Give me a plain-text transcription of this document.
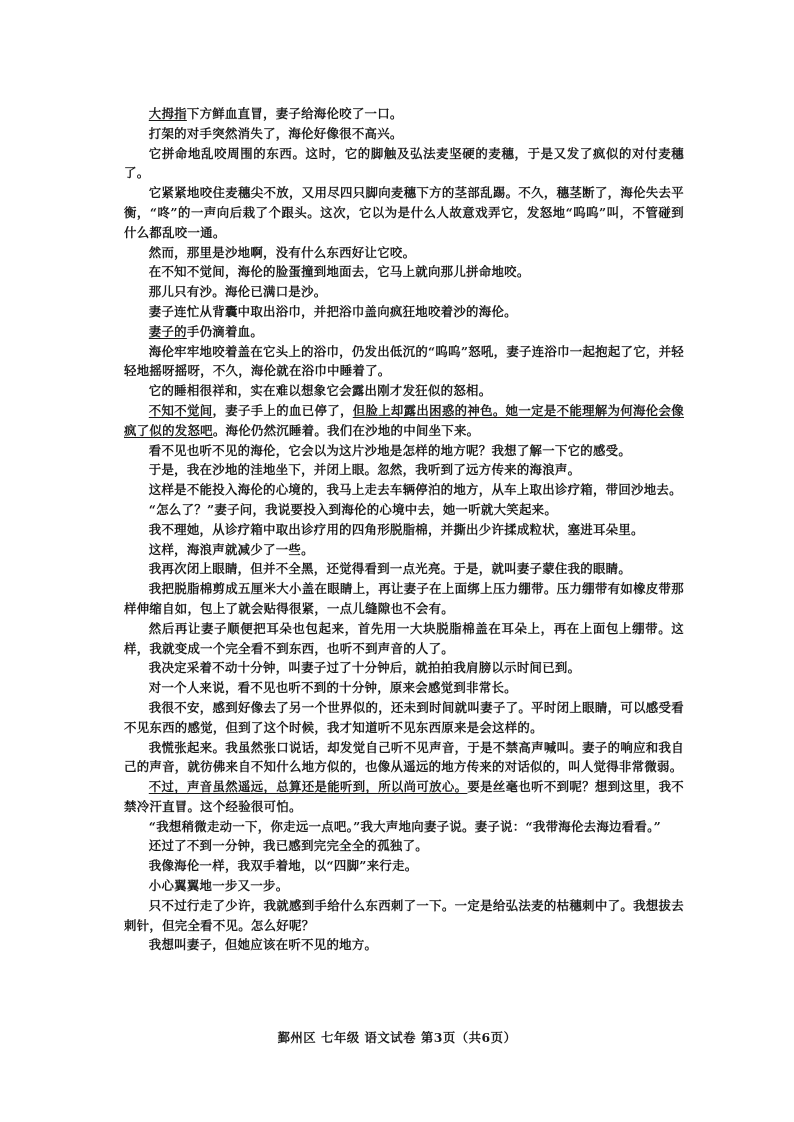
大拇指下方鲜血直冒，妻子给海伦咬了一口。

打架的对手突然消失了，海伦好像很不高兴。

它拼命地乱咬周围的东西。这时，它的脚触及弘法麦坚硬的麦穗，于是又发了疯似的对付麦穗了。

它紧紧地咬住麦穗尖不放，又用尽四只脚向麦穗下方的茎部乱踢。不久，穗茎断了，海伦失去平衡，“咚”的一声向后栽了个跟头。这次，它以为是什么人故意戏弄它，发怒地“呜呜”叫，不管碰到什么都乱咬一通。

然而，那里是沙地啊，没有什么东西好让它咬。

在不知不觉间，海伦的脸蛋撞到地面去，它马上就向那儿拼命地咬。

那儿只有沙。海伦已满口是沙。

妻子连忙从背囊中取出浴巾，并把浴巾盖向疯狂地咬着沙的海伦。

妻子的手仍滴着血。

海伦牢牢地咬着盖在它头上的浴巾，仍发出低沉的“呜呜”怒吼，妻子连浴巾一起抱起了它，并轻轻地摇呀摇呀，不久，海伦就在浴巾中睡着了。

它的睡相很祥和，实在难以想象它会露出刚才发狂似的怒相。

不知不觉间，妻子手上的血已停了，但脸上却露出困惑的神色。她一定是不能理解为何海伦会像疯了似的发怒吧。海伦仍然沉睡着。我们在沙地的中间坐下来。

看不见也听不见的海伦，它会以为这片沙地是怎样的地方呢？我想了解一下它的感受。

于是，我在沙地的洼地坐下，并闭上眼。忽然，我听到了远方传来的海浪声。

这样是不能投入海伦的心境的，我马上走去车辆停泊的地方，从车上取出诊疗箱，带回沙地去。

“怎么了？”妻子问，我说要投入到海伦的心境中去，她一听就大笑起来。

我不理她，从诊疗箱中取出诊疗用的四角形脱脂棉，并撕出少许揉成粒状，塞进耳朵里。

这样，海浪声就减少了一些。

我再次闭上眼睛，但并不全黑，还觉得看到一点光亮。于是，就叫妻子蒙住我的眼睛。

我把脱脂棉剪成五厘米大小盖在眼睛上，再让妻子在上面绑上压力绷带。压力绷带有如橡皮带那样伸缩自如，包上了就会贴得很紧，一点儿缝隙也不会有。

然后再让妻子顺便把耳朵也包起来，首先用一大块脱脂棉盖在耳朵上，再在上面包上绷带。这样，我就变成一个完全看不到东西，也听不到声音的人了。

我决定采着不动十分钟，叫妻子过了十分钟后，就拍拍我肩膀以示时间已到。

对一个人来说，看不见也听不到的十分钟，原来会感觉到非常长。

我很不安，感到好像去了另一个世界似的，还未到时间就叫妻子了。平时闭上眼睛，可以感受看不见东西的感觉，但到了这个时候，我才知道听不见东西原来是会这样的。

我慌张起来。我虽然张口说话，却发觉自己听不见声音，于是不禁高声喊叫。妻子的响应和我自己的声音，就彷佛来自不知什么地方似的，也像从遥远的地方传来的对话似的，叫人觉得非常微弱。

不过，声音虽然遥远，总算还是能听到，所以尚可放心。要是丝毫也听不到呢？想到这里，我不禁冷汗直冒。这个经验很可怕。

“我想稍微走动一下，你走远一点吧。”我大声地向妻子说。妻子说：“我带海伦去海边看看。”

还过了不到一分钟，我已感到完完全全的孤独了。

我像海伦一样，我双手着地，以“四脚”来行走。

小心翼翼地一步又一步。

只不过行走了少许，我就感到手给什么东西刺了一下。一定是给弘法麦的枯穗刺中了。我想拔去刺针，但完全看不见。怎么好呢？

我想叫妻子，但她应该在听不见的地方。

鄞州区 七年级 语文试卷 第3页（共6页）
